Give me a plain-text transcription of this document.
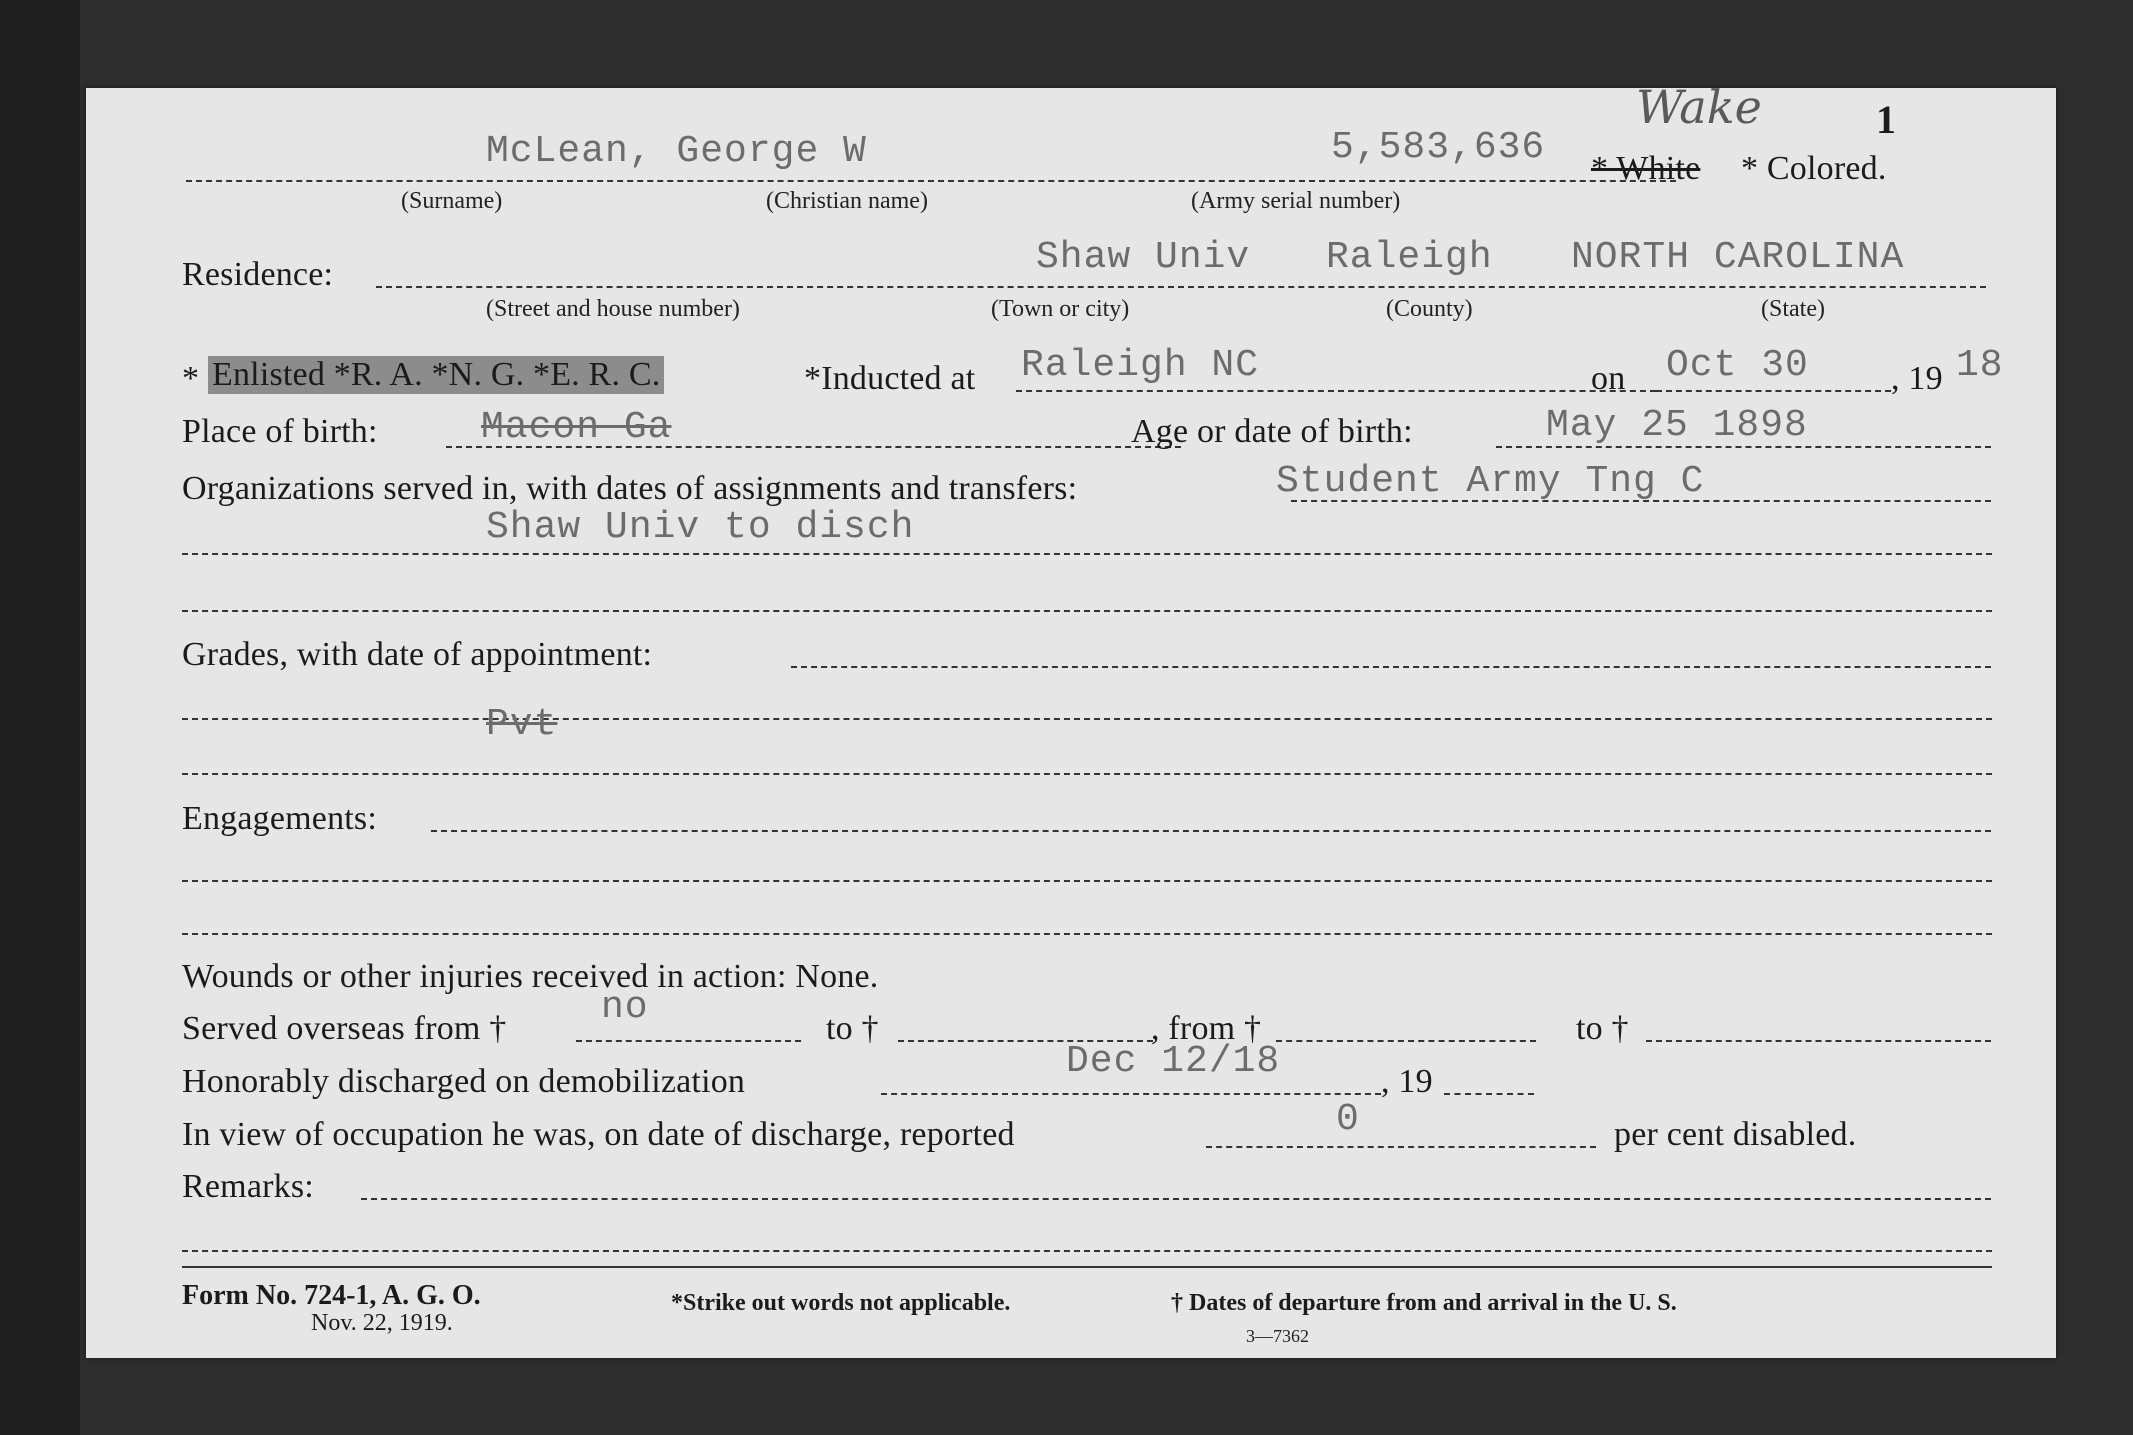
Wake	1
McLean, George W	5,583,636 * White * Colored.
(Surname)	(Christian name)	(Army serial number)
Residence:	Shaw Univ Raleigh NORTH CAROLINA
(Street and house number)	(Town or city)	(County)	(State)
* Enlisted *R. A. *N. G. *E. R. C.	*Inducted at Raleigh NC	on Oct 30 , 19 18
Place of birth:	Macon Ga	Age or date of birth:	May 25 1898
Organizations served in, with dates of assignments and transfers:	Student Army Tng C
Shaw Univ to disch
Grades, with date of appointment:
Pvt
Engagements:
Wounds or other injuries received in action: None.
Served overseas from † no	to †	, from †	to †
Honorably discharged on demobilization	Dec 12/18	, 19
In view of occupation he was, on date of discharge, reported	0	per cent disabled.
Remarks:
Form No. 724-1, A. G. O.
Nov. 22, 1919.
*Strike out words not applicable.	† Dates of departure from and arrival in the U. S.
3—7362
